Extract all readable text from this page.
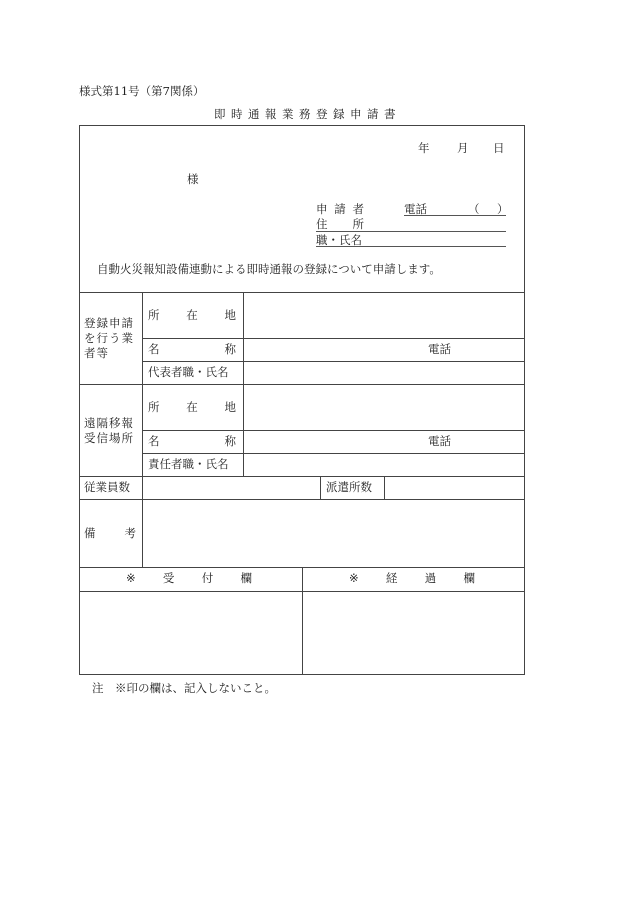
様式第11号（第7関係）
即時通報業務登録申請書
年 月 日
様
申 請 者	電話	（　）
住 所
職・氏名
自動火災報知設備連動による即時通報の登録について申請します。
登録申請を行う業者等
所 在 地
名	称	電話
代表者職・氏名
遠隔移報受信場所
所 在 地
名	称	電話
責任者職・氏名
従業員数	派遣所数
備	考
※ 受 付 欄	※ 経 過 欄
注　※印の欄は、記入しないこと。
